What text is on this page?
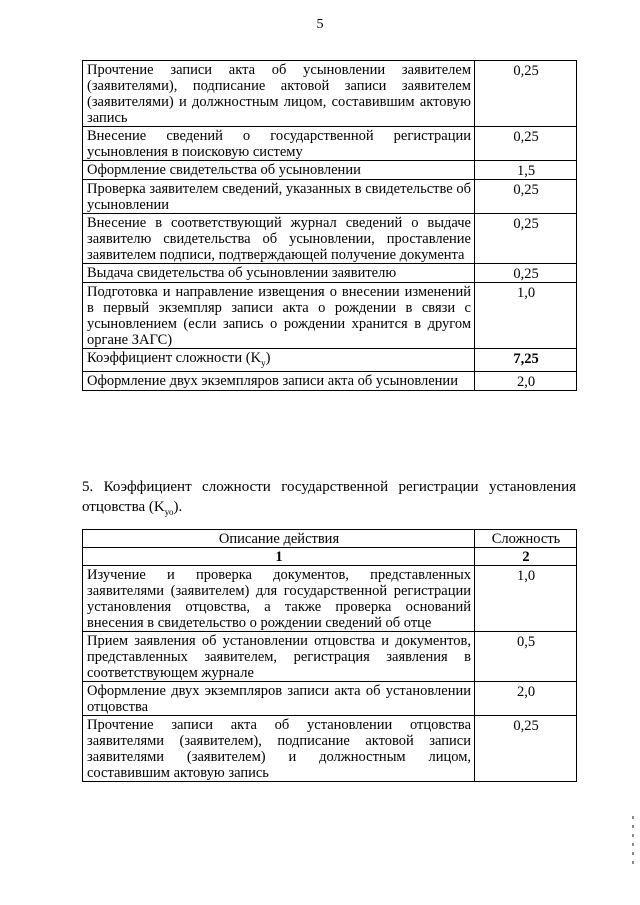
5
Прочтение записи акта об усыновлении заявителем (заявителями), подписание актовой записи заявителем (заявителями) и должностным лицом, составившим актовую запись	0,25
Внесение сведений о государственной регистрации усыновления в поисковую систему	0,25
Оформление свидетельства об усыновлении	1,5
Проверка заявителем сведений, указанных в свидетельстве об усыновлении	0,25
Внесение в соответствующий журнал сведений о выдаче заявителю свидетельства об усыновлении, проставление заявителем подписи, подтверждающей получение документа	0,25
Выдача свидетельства об усыновлении заявителю	0,25
Подготовка и направление извещения о внесении изменений в первый экземпляр записи акта о рождении в связи с усыновлением (если запись о рождении хранится в другом органе ЗАГС)	1,0
Коэффициент сложности $(K_у)$	7,25
Оформление двух экземпляров записи акта об усыновлении	2,0
5. Коэффициент сложности государственной регистрации установления отцовства $(K_{уо})$.
Описание действия	Сложность
1	2
Изучение и проверка документов, представленных заявителями (заявителем) для государственной регистрации установления отцовства, а также проверка оснований внесения в свидетельство о рождении сведений об отце	1,0
Прием заявления об установлении отцовства и документов, представленных заявителем, регистрация заявления в соответствующем журнале	0,5
Оформление двух экземпляров записи акта об установлении отцовства	2,0
Прочтение записи акта об установлении отцовства заявителями (заявителем), подписание актовой записи заявителями (заявителем) и должностным лицом, составившим актовую запись	0,25
